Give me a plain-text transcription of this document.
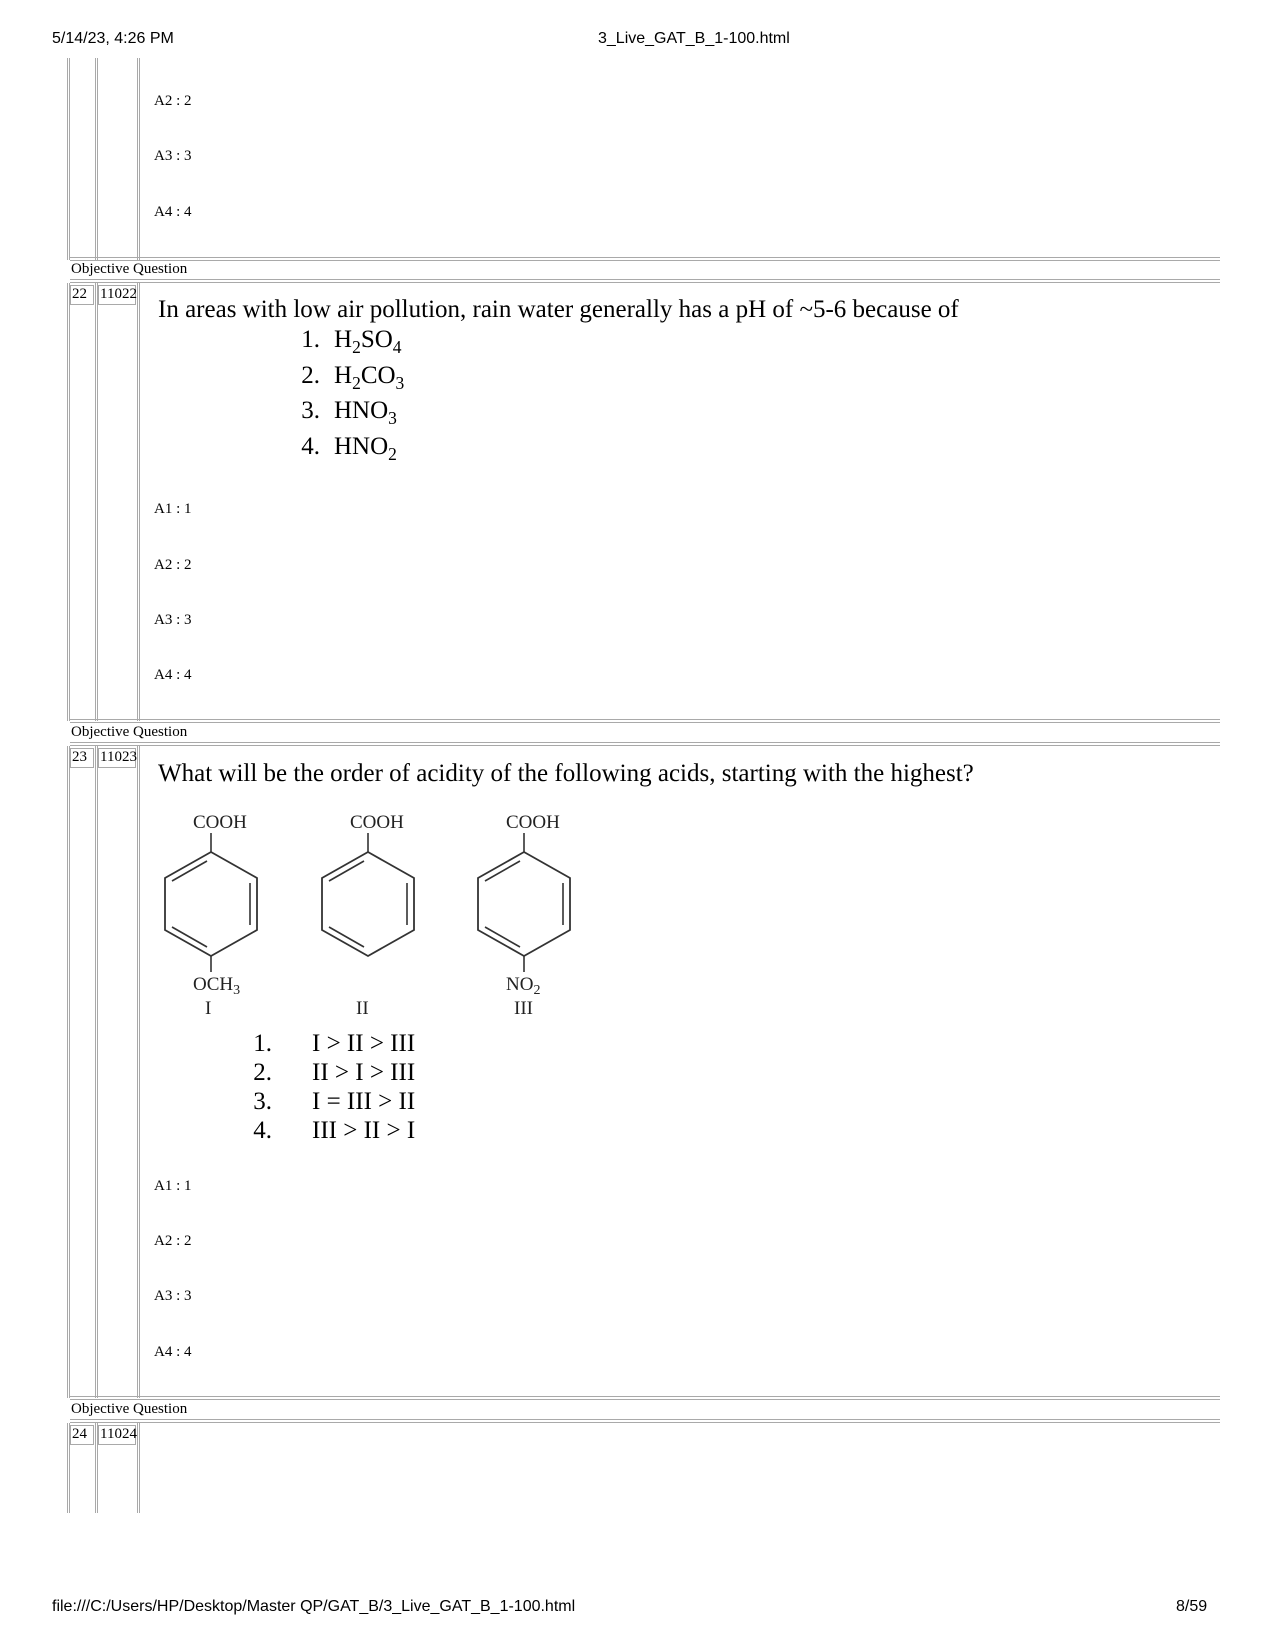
5/14/23, 4:26 PM	3_Live_GAT_B_1-100.html
Objective Question
22 11022
Objective Question
23 11023
Objective Question
24 11024
A2 : 2
A3 : 3
A4 : 4
In areas with low air pollution, rain water generally has a pH of ~5-6 because of
1. $H_2SO_4$
2. $H_2CO_3$
3. $HNO_3$
4. $HNO_2$
A1 : 1
A2 : 2
A3 : 3
A4 : 4
What will be the order of acidity of the following acids, starting with the highest?
COOH
$OCH_3$
I
COOH
II
COOH
$NO_2$
III
1. I > II > III
2. II > I > III
3. I = III > II
4. III > II > I
A1 : 1
A2 : 2
A3 : 3
A4 : 4
file:///C:/Users/HP/Desktop/Master QP/GAT_B/3_Live_GAT_B_1-100.html	8/59
